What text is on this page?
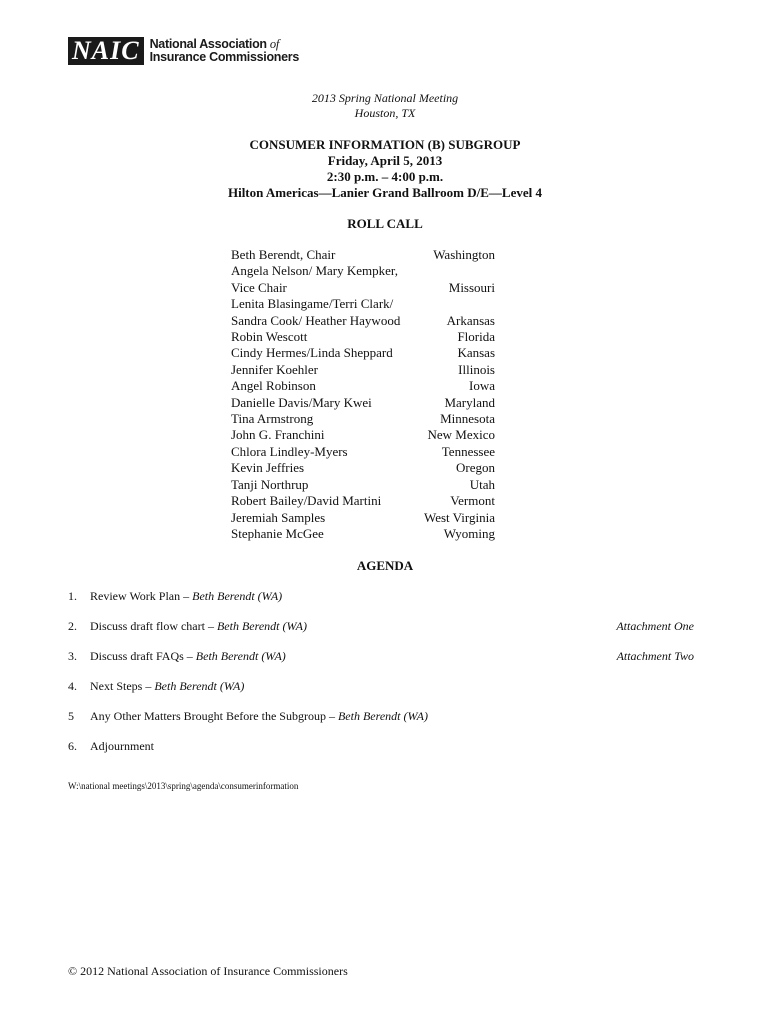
NAIC National Association of
Insurance Commissioners
2013 Spring National Meeting
Houston, TX
CONSUMER INFORMATION (B) SUBGROUP
Friday, April 5, 2013
2:30 p.m. – 4:00 p.m.
Hilton Americas—Lanier Grand Ballroom D/E—Level 4
ROLL CALL
Beth Berendt, Chair	Washington
Angela Nelson/ Mary Kempker,
Vice Chair	Missouri
Lenita Blasingame/Terri Clark/
Sandra Cook/ Heather Haywood	Arkansas
Robin Wescott	Florida
Cindy Hermes/Linda Sheppard	Kansas
Jennifer Koehler	Illinois
Angel Robinson	Iowa
Danielle Davis/Mary Kwei	Maryland
Tina Armstrong	Minnesota
John G. Franchini	New Mexico
Chlora Lindley-Myers	Tennessee
Kevin Jeffries	Oregon
Tanji Northrup	Utah
Robert Bailey/David Martini	Vermont
Jeremiah Samples	West Virginia
Stephanie McGee	Wyoming
AGENDA
1. Review Work Plan – Beth Berendt (WA)
2. Discuss draft flow chart – Beth Berendt (WA)	Attachment One
3. Discuss draft FAQs – Beth Berendt (WA)	Attachment Two
4. Next Steps – Beth Berendt (WA)
5 Any Other Matters Brought Before the Subgroup – Beth Berendt (WA)
6. Adjournment
W:\national meetings\2013\spring\agenda\consumerinformation
© 2012 National Association of Insurance Commissioners
